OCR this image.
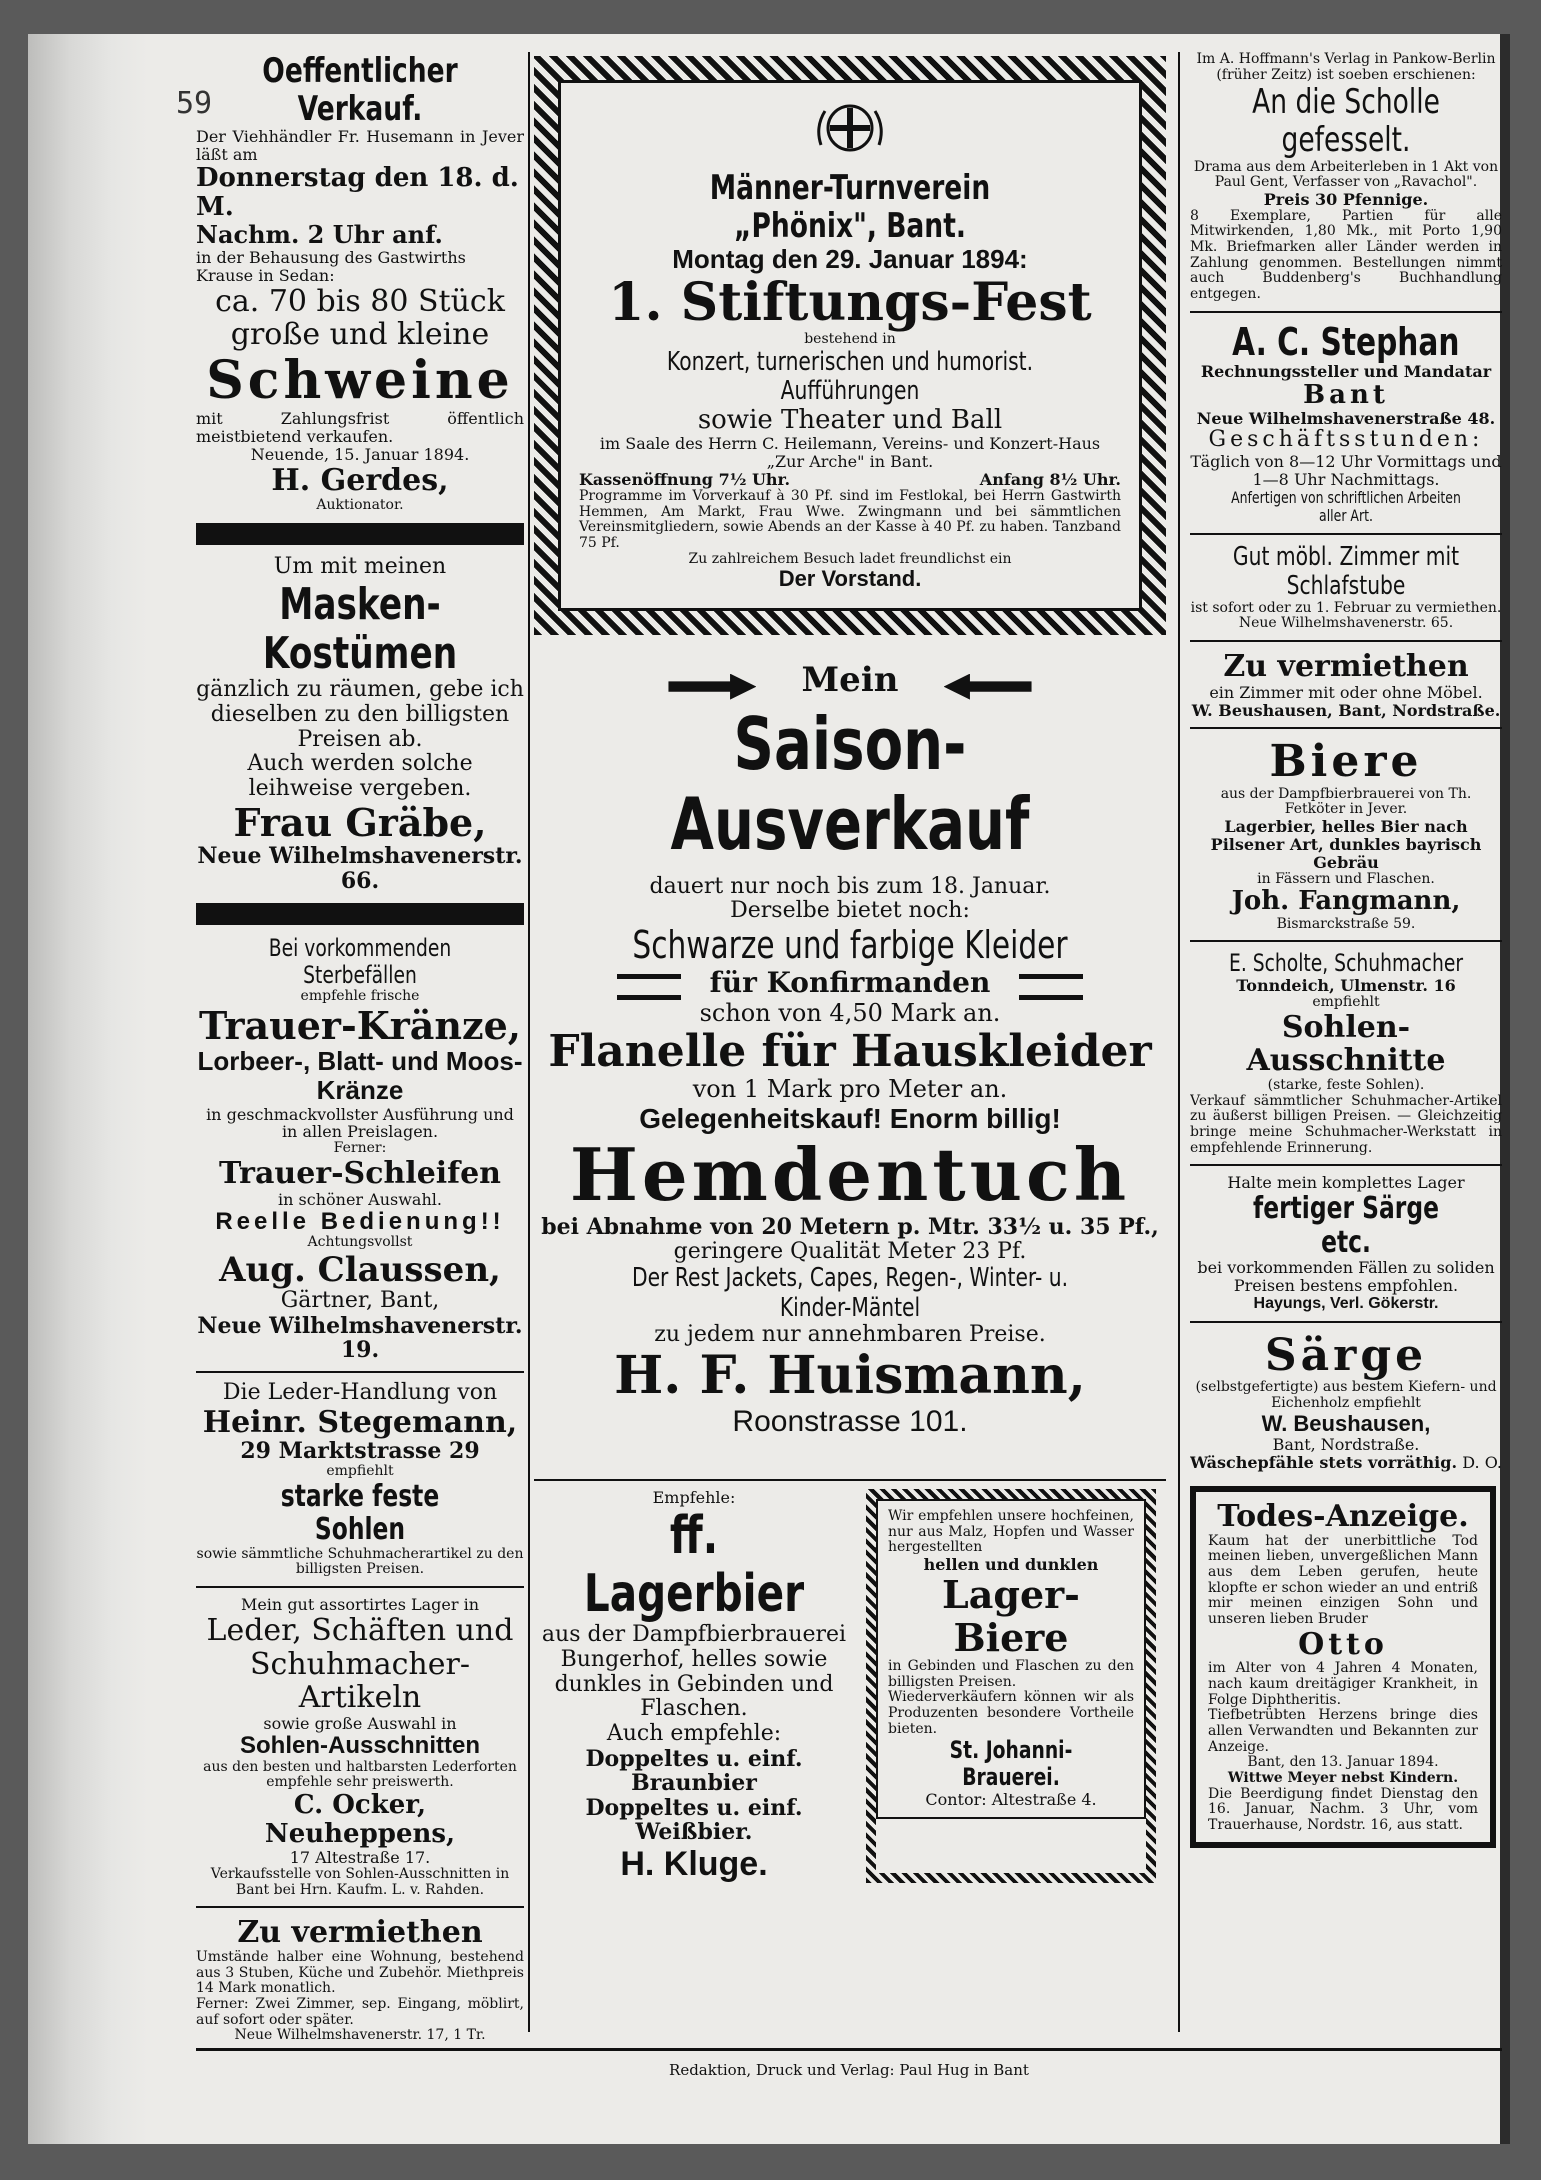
59
Oeffentlicher Verkauf.
Der Viehhändler Fr. Husemann in Jever läßt am
Donnerstag den 18. d. M.
Nachm. 2 Uhr anf.
in der Behausung des Gastwirths Krause in Sedan:
ca. 70 bis 80 Stück
große und kleine
Schweine
mit Zahlungsfrist öffentlich meistbietend verkaufen.
Neuende, 15. Januar 1894.
H. Gerdes,
Auktionator.
Um mit meinen
Masken-Kostümen
gänzlich zu räumen, gebe ich dieselben zu den billigsten Preisen ab.
Auch werden solche leihweise vergeben.
Frau Gräbe,
Neue Wilhelmshavenerstr. 66.
Bei vorkommenden Sterbefällen
empfehle frische
Trauer-Kränze,
Lorbeer-, Blatt- und Moos-Kränze
in geschmackvollster Ausführung und in allen Preislagen.
Ferner:
Trauer-Schleifen
in schöner Auswahl.
Reelle Bedienung!!
Achtungsvollst
Aug. Claussen,
Gärtner, Bant,
Neue Wilhelmshavenerstr. 19.
Die Leder-Handlung von
Heinr. Stegemann,
29 Marktstrasse 29
empfiehlt
starke feste Sohlen
sowie sämmtliche Schuhmacherartikel zu den billigsten Preisen.
Mein gut assortirtes Lager in
Leder, Schäften und Schuhmacher-Artikeln
sowie große Auswahl in
Sohlen-Ausschnitten
aus den besten und haltbarsten Lederforten empfehle sehr preiswerth.
C. Ocker, Neuheppens,
17 Altestraße 17.
Verkaufsstelle von Sohlen-Ausschnitten in Bant bei Hrn. Kaufm. L. v. Rahden.
Zu vermiethen
Umstände halber eine Wohnung, bestehend aus 3 Stuben, Küche und Zubehör. Miethpreis 14 Mark monatlich.
Ferner: Zwei Zimmer, sep. Eingang, möblirt, auf sofort oder später.
Neue Wilhelmshavenerstr. 17, 1 Tr.
Männer-Turnverein „Phönix", Bant.
Montag den 29. Januar 1894:
1. Stiftungs-Fest
bestehend in
Konzert, turnerischen und humorist. Aufführungen
sowie Theater und Ball
im Saale des Herrn C. Heilemann, Vereins- und Konzert-Haus „Zur Arche" in Bant.
Kassenöffnung 7½ Uhr.	Anfang 8½ Uhr.
Programme im Vorverkauf à 30 Pf. sind im Festlokal, bei Herrn Gastwirth Hemmen, Am Markt, Frau Wwe. Zwingmann und bei sämmtlichen Vereinsmitgliedern, sowie Abends an der Kasse à 40 Pf. zu haben. Tanzband 75 Pf.
Zu zahlreichem Besuch ladet freundlichst ein
Der Vorstand.
Mein
Saison-Ausverkauf
dauert nur noch bis zum 18. Januar.
Derselbe bietet noch:
Schwarze und farbige Kleider
für Konfirmanden
schon von 4,50 Mark an.
Flanelle für Hauskleider
von 1 Mark pro Meter an.
Gelegenheitskauf! Enorm billig!
Hemdentuch
bei Abnahme von 20 Metern p. Mtr. 33½ u. 35 Pf.,
geringere Qualität Meter 23 Pf.
Der Rest Jackets, Capes, Regen-, Winter- u. Kinder-Mäntel
zu jedem nur annehmbaren Preise.
H. F. Huismann,
Roonstrasse 101.
Empfehle:
ff. Lagerbier
aus der Dampfbierbrauerei Bungerhof, helles sowie dunkles in Gebinden und Flaschen.
Auch empfehle:
Doppeltes u. einf. Braunbier
Doppeltes u. einf. Weißbier.
H. Kluge.
Wir empfehlen unsere hochfeinen, nur aus Malz, Hopfen und Wasser hergestellten
hellen und dunklen
Lager-Biere
in Gebinden und Flaschen zu den billigsten Preisen.
Wiederverkäufern können wir als Produzenten besondere Vortheile bieten.
St. Johanni-Brauerei.
Contor: Altestraße 4.
Im A. Hoffmann's Verlag in Pankow-Berlin (früher Zeitz) ist soeben erschienen:
An die Scholle gefesselt.
Drama aus dem Arbeiterleben in 1 Akt von Paul Gent, Verfasser von „Ravachol".
Preis 30 Pfennige.
8 Exemplare, Partien für alle Mitwirkenden, 1,80 Mk., mit Porto 1,90 Mk. Briefmarken aller Länder werden in Zahlung genommen. Bestellungen nimmt auch Buddenberg's Buchhandlung entgegen.
A. C. Stephan
Rechnungssteller und Mandatar
Bant
Neue Wilhelmshavenerstraße 48.
Geschäftsstunden:
Täglich von 8—12 Uhr Vormittags und 1—8 Uhr Nachmittags.
Anfertigen von schriftlichen Arbeiten aller Art.
Gut möbl. Zimmer mit Schlafstube
ist sofort oder zu 1. Februar zu vermiethen.
Neue Wilhelmshavenerstr. 65.
Zu vermiethen
ein Zimmer mit oder ohne Möbel.
W. Beushausen, Bant, Nordstraße.
Biere
aus der Dampfbierbrauerei von Th. Fetköter in Jever.
Lagerbier, helles Bier nach Pilsener Art, dunkles bayrisch Gebräu
in Fässern und Flaschen.
Joh. Fangmann,
Bismarckstraße 59.
E. Scholte, Schuhmacher
Tonndeich, Ulmenstr. 16
empfiehlt
Sohlen-Ausschnitte
(starke, feste Sohlen).
Verkauf sämmtlicher Schuhmacher-Artikel zu äußerst billigen Preisen. — Gleichzeitig bringe meine Schuhmacher-Werkstatt in empfehlende Erinnerung.
Halte mein komplettes Lager
fertiger Särge etc.
bei vorkommenden Fällen zu soliden Preisen bestens empfohlen.
Hayungs, Verl. Gökerstr.
Särge
(selbstgefertigte) aus bestem Kiefern- und Eichenholz empfiehlt
W. Beushausen,
Bant, Nordstraße.
Wäschepfähle stets vorräthig. D. O.
Todes-Anzeige.
Kaum hat der unerbittliche Tod meinen lieben, unvergeßlichen Mann aus dem Leben gerufen, heute klopfte er schon wieder an und entriß mir meinen einzigen Sohn und unseren lieben Bruder
Otto
im Alter von 4 Jahren 4 Monaten, nach kaum dreitägiger Krankheit, in Folge Diphtheritis.
Tiefbetrübten Herzens bringe dies allen Verwandten und Bekannten zur Anzeige.
Bant, den 13. Januar 1894.
Wittwe Meyer nebst Kindern.
Die Beerdigung findet Dienstag den 16. Januar, Nachm. 3 Uhr, vom Trauerhause, Nordstr. 16, aus statt.
Redaktion, Druck und Verlag: Paul Hug in Bant
